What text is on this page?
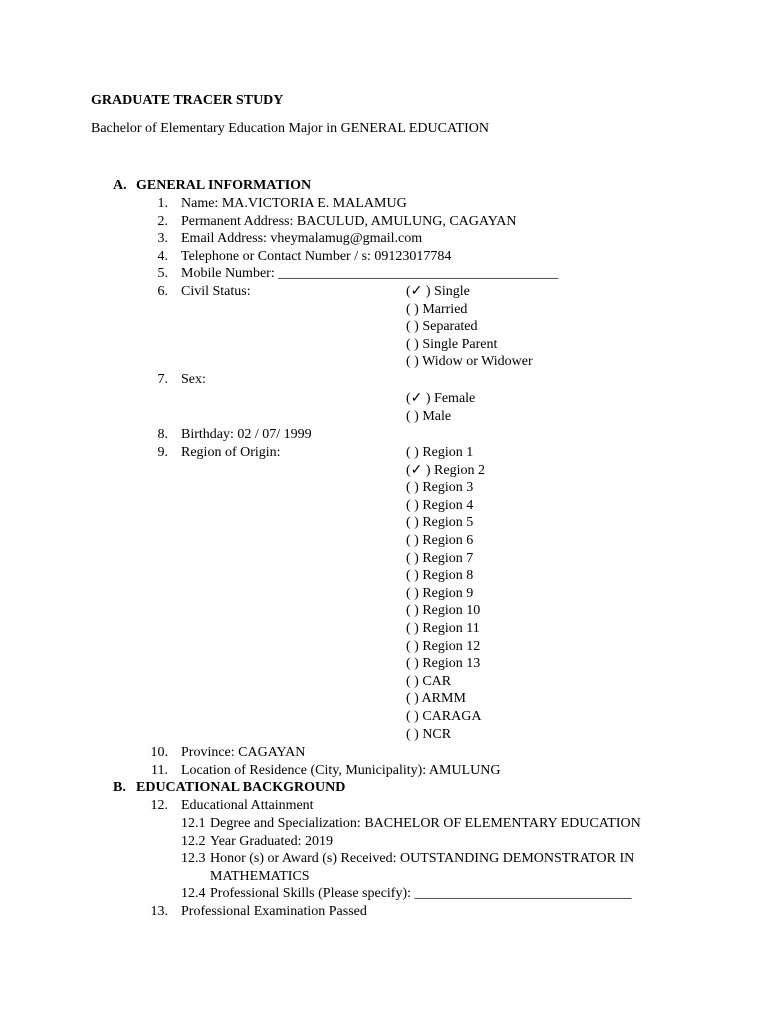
GRADUATE TRACER STUDY
Bachelor of Elementary Education Major in GENERAL EDUCATION
A. GENERAL INFORMATION
1. Name: MA.VICTORIA E. MALAMUG
2. Permanent Address: BACULUD, AMULUNG, CAGAYAN
3. Email Address: vheymalamug@gmail.com
4. Telephone or Contact Number / s: 09123017784
5. Mobile Number: ________________________________________
6. Civil Status:	(✓ ) Single
( ) Married
( ) Separated
( ) Single Parent
( ) Widow or Widower
7. Sex:
(✓ ) Female
( ) Male
8. Birthday: 02 / 07/ 1999
9. Region of Origin:	( ) Region 1
(✓ ) Region 2
( ) Region 3
( ) Region 4
( ) Region 5
( ) Region 6
( ) Region 7
( ) Region 8
( ) Region 9
( ) Region 10
( ) Region 11
( ) Region 12
( ) Region 13
( ) CAR
( ) ARMM
( ) CARAGA
( ) NCR
10. Province: CAGAYAN
11. Location of Residence (City, Municipality): AMULUNG
B. EDUCATIONAL BACKGROUND
12. Educational Attainment
12.1 Degree and Specialization: BACHELOR OF ELEMENTARY EDUCATION
12.2 Year Graduated: 2019
12.3 Honor (s) or Award (s) Received: OUTSTANDING DEMONSTRATOR IN
MATHEMATICS
12.4 Professional Skills (Please specify): _______________________________
13. Professional Examination Passed
